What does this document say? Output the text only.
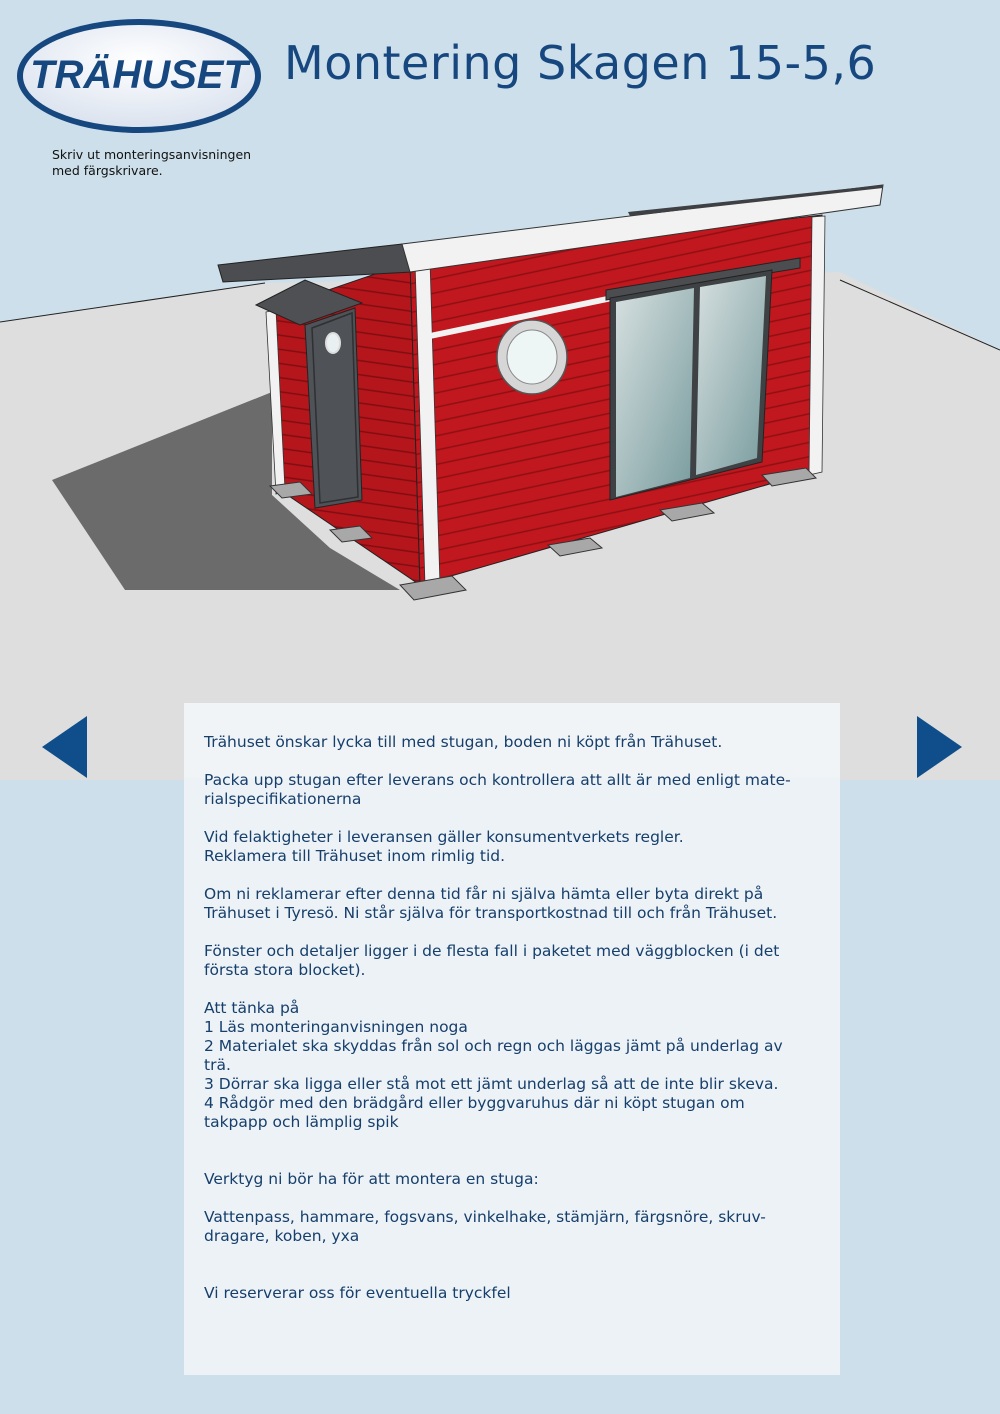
TRÄHUSET Montering Skagen 15-5,6
Skriv ut monteringsanvisningen
med färgskrivare.
Trähuset önskar lycka till med stugan, boden ni köpt från Trähuset.
Packa upp stugan efter leverans och kontrollera att allt är med enligt mate-
rialspecifikationerna
Vid felaktigheter i leveransen gäller konsumentverkets regler.
Reklamera till Trähuset inom rimlig tid.
Om ni reklamerar efter denna tid får ni själva hämta eller byta direkt på
Trähuset i Tyresö. Ni står själva för transportkostnad till och från Trähuset.
Fönster och detaljer ligger i de flesta fall i paketet med väggblocken (i det
första stora blocket).
Att tänka på
1 Läs monteringanvisningen noga
2 Materialet ska skyddas från sol och regn och läggas jämt på underlag av
trä.
3 Dörrar ska ligga eller stå mot ett jämt underlag så att de inte blir skeva.
4 Rådgör med den brädgård eller byggvaruhus där ni köpt stugan om
takpapp och lämplig spik
Verktyg ni bör ha för att montera en stuga:
Vattenpass, hammare, fogsvans, vinkelhake, stämjärn, färgsnöre, skruv-
dragare, koben, yxa
Vi reserverar oss för eventuella tryckfel
